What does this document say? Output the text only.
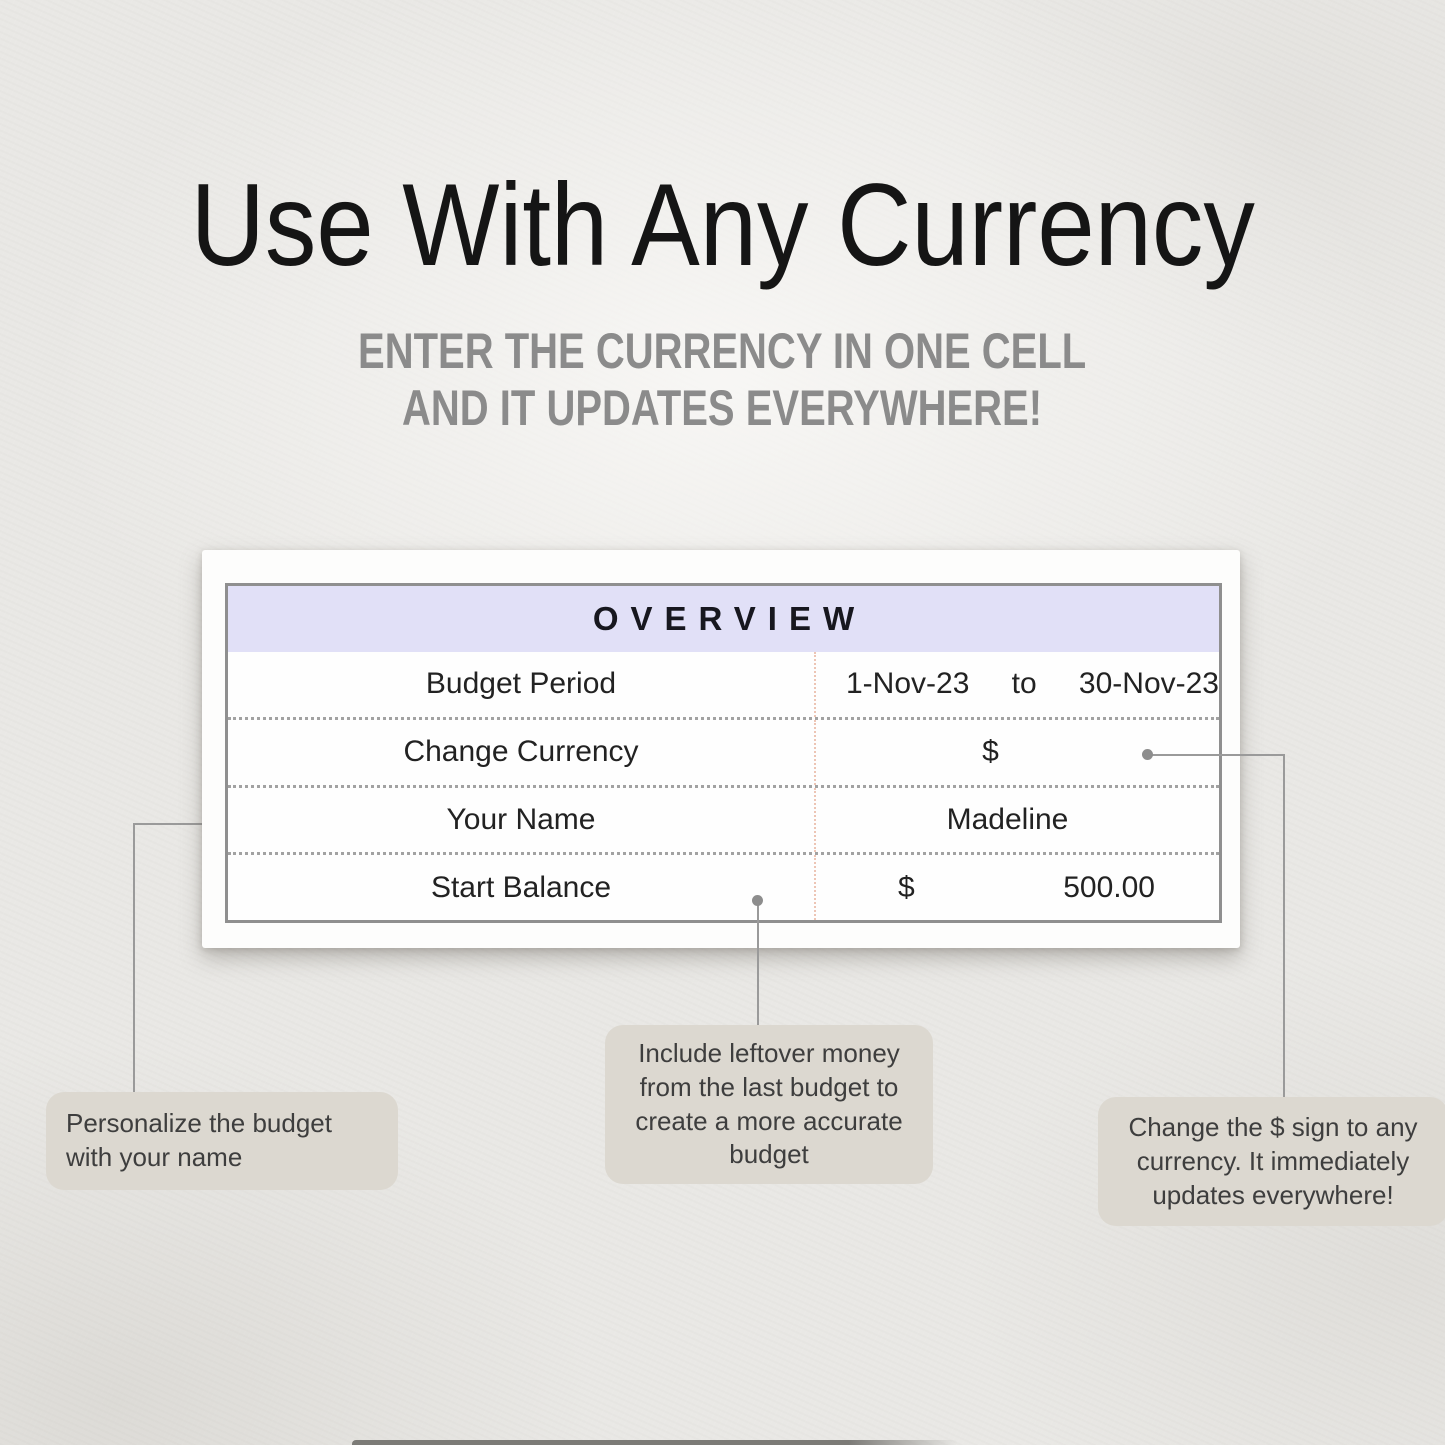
Use With Any Currency
ENTER THE CURRENCY IN ONE CELL
AND IT UPDATES EVERYWHERE!
OVERVIEW
Budget Period	1-Nov-23 to 30-Nov-23
Change Currency	$
Your Name	Madeline
Start Balance	$	500.00
Personalize the budget with your name
Include leftover money from the last budget to create a more accurate budget
Change the $ sign to any currency. It immediately updates everywhere!
